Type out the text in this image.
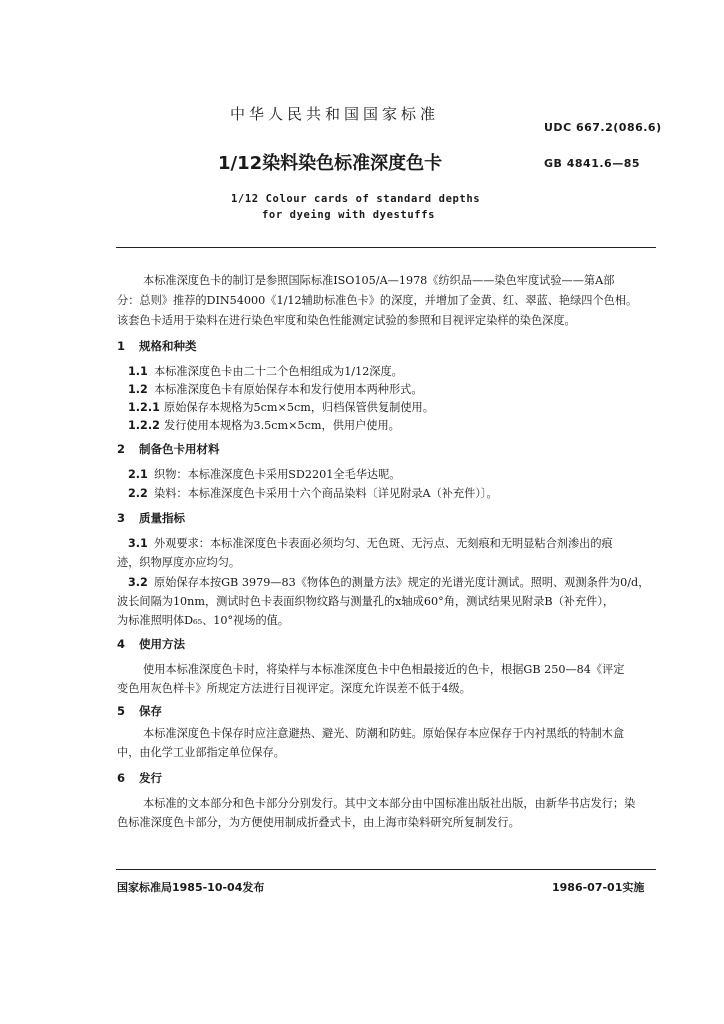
中华人民共和国国家标准
UDC 667.2(086.6)
1/12染料染色标准深度色卡	GB 4841.6—85
1/12 Colour cards of standard depths
for dyeing with dyestuffs
本标准深度色卡的制订是参照国际标准ISO105/A—1978《纺织品——染色牢度试验——第A部
分：总则》推荐的DIN54000《1/12辅助标准色卡》的深度，并增加了金黄、红、翠蓝、艳绿四个色相。
该套色卡适用于染料在进行染色牢度和染色性能测定试验的参照和目视评定染样的染色深度。
1 规格和种类
1.1 本标准深度色卡由二十二个色相组成为1/12深度。
1.2 本标准深度色卡有原始保存本和发行使用本两种形式。
1.2.1 原始保存本规格为5cm×5cm，归档保管供复制使用。
1.2.2 发行使用本规格为3.5cm×5cm，供用户使用。
2 制备色卡用材料
2.1 织物：本标准深度色卡采用SD2201全毛华达呢。
2.2 染料：本标准深度色卡采用十六个商品染料〔详见附录A（补充件）〕。
3 质量指标
3.1 外观要求：本标准深度色卡表面必须均匀、无色斑、无污点、无刻痕和无明显粘合剂渗出的痕
迹，织物厚度亦应均匀。
3.2 原始保存本按GB 3979—83《物体色的测量方法》规定的光谱光度计测试。照明、观测条件为0/d，
波长间隔为10nm，测试时色卡表面织物纹路与测量孔的x轴成60°角，测试结果见附录B（补充件），
为标准照明体D₆₅、10°视场的值。
4 使用方法
使用本标准深度色卡时，将染样与本标准深度色卡中色相最接近的色卡，根据GB 250—84《评定
变色用灰色样卡》所规定方法进行目视评定。深度允许误差不低于4级。
5 保存
本标准深度色卡保存时应注意避热、避光、防潮和防蛀。原始保存本应保存于内衬黑纸的特制木盒
中，由化学工业部指定单位保存。
6 发行
本标准的文本部分和色卡部分分别发行。其中文本部分由中国标准出版社出版，由新华书店发行；染
色标准深度色卡部分，为方便使用制成折叠式卡，由上海市染料研究所复制发行。
国家标准局1985-10-04发布	1986-07-01实施
